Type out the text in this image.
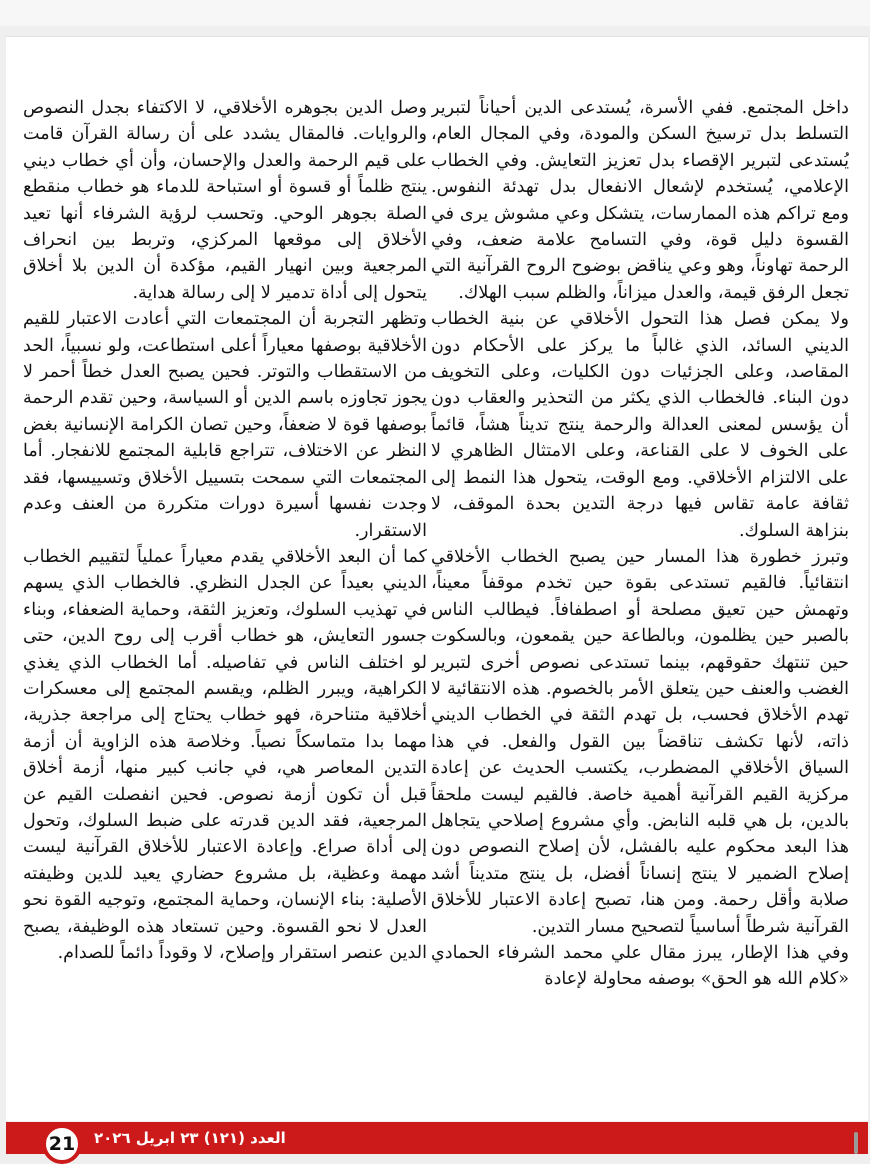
داخل المجتمع. ففي الأسرة، يُستدعى الدين أحياناً لتبرير التسلط بدل ترسيخ السكن والمودة، وفي المجال العام، يُستدعى لتبرير الإقصاء بدل تعزيز التعايش. وفي الخطاب الإعلامي، يُستخدم لإشعال الانفعال بدل تهدئة النفوس. ومع تراكم هذه الممارسات، يتشكل وعي مشوش يرى في القسوة دليل قوة، وفي التسامح علامة ضعف، وفي الرحمة تهاوناً، وهو وعي يناقض بوضوح الروح القرآنية التي تجعل الرفق قيمة، والعدل ميزاناً، والظلم سبب الهلاك.

ولا يمكن فصل هذا التحول الأخلاقي عن بنية الخطاب الديني السائد، الذي غالباً ما يركز على الأحكام دون المقاصد، وعلى الجزئيات دون الكليات، وعلى التخويف دون البناء. فالخطاب الذي يكثر من التحذير والعقاب دون أن يؤسس لمعنى العدالة والرحمة ينتج تديناً هشاً، قائماً على الخوف لا على القناعة، وعلى الامتثال الظاهري لا على الالتزام الأخلاقي. ومع الوقت، يتحول هذا النمط إلى ثقافة عامة تقاس فيها درجة التدين بحدة الموقف، لا بنزاهة السلوك.

وتبرز خطورة هذا المسار حين يصبح الخطاب الأخلاقي انتقائياً. فالقيم تستدعى بقوة حين تخدم موقفاً معيناً، وتهمش حين تعيق مصلحة أو اصطفافاً. فيطالب الناس بالصبر حين يظلمون، وبالطاعة حين يقمعون، وبالسكوت حين تنتهك حقوقهم، بينما تستدعى نصوص أخرى لتبرير الغضب والعنف حين يتعلق الأمر بالخصوم. هذه الانتقائية لا تهدم الأخلاق فحسب، بل تهدم الثقة في الخطاب الديني ذاته، لأنها تكشف تناقضاً بين القول والفعل. في هذا السياق الأخلاقي المضطرب، يكتسب الحديث عن إعادة مركزية القيم القرآنية أهمية خاصة. فالقيم ليست ملحقاً بالدين، بل هي قلبه النابض. وأي مشروع إصلاحي يتجاهل هذا البعد محكوم عليه بالفشل، لأن إصلاح النصوص دون إصلاح الضمير لا ينتج إنساناً أفضل، بل ينتج متديناً أشد صلابة وأقل رحمة. ومن هنا، تصبح إعادة الاعتبار للأخلاق القرآنية شرطاً أساسياً لتصحيح مسار التدين.

وفي هذا الإطار، يبرز مقال علي محمد الشرفاء الحمادي «كلام الله هو الحق» بوصفه محاولة لإعادة

وصل الدين بجوهره الأخلاقي، لا الاكتفاء بجدل النصوص والروايات. فالمقال يشدد على أن رسالة القرآن قامت على قيم الرحمة والعدل والإحسان، وأن أي خطاب ديني ينتج ظلماً أو قسوة أو استباحة للدماء هو خطاب منقطع الصلة بجوهر الوحي. وتحسب لرؤية الشرفاء أنها تعيد الأخلاق إلى موقعها المركزي، وتربط بين انحراف المرجعية وبين انهيار القيم، مؤكدة أن الدين بلا أخلاق يتحول إلى أداة تدمير لا إلى رسالة هداية.

وتظهر التجربة أن المجتمعات التي أعادت الاعتبار للقيم الأخلاقية بوصفها معياراً أعلى استطاعت، ولو نسبياً، الحد من الاستقطاب والتوتر. فحين يصبح العدل خطاً أحمر لا يجوز تجاوزه باسم الدين أو السياسة، وحين تقدم الرحمة بوصفها قوة لا ضعفاً، وحين تصان الكرامة الإنسانية بغض النظر عن الاختلاف، تتراجع قابلية المجتمع للانفجار. أما المجتمعات التي سمحت بتسييل الأخلاق وتسييسها، فقد وجدت نفسها أسيرة دورات متكررة من العنف وعدم الاستقرار.

كما أن البعد الأخلاقي يقدم معياراً عملياً لتقييم الخطاب الديني بعيداً عن الجدل النظري. فالخطاب الذي يسهم في تهذيب السلوك، وتعزيز الثقة، وحماية الضعفاء، وبناء جسور التعايش، هو خطاب أقرب إلى روح الدين، حتى لو اختلف الناس في تفاصيله. أما الخطاب الذي يغذي الكراهية، ويبرر الظلم، ويقسم المجتمع إلى معسكرات أخلاقية متناحرة، فهو خطاب يحتاج إلى مراجعة جذرية، مهما بدا متماسكاً نصياً. وخلاصة هذه الزاوية أن أزمة التدين المعاصر هي، في جانب كبير منها، أزمة أخلاق قبل أن تكون أزمة نصوص. فحين انفصلت القيم عن المرجعية، فقد الدين قدرته على ضبط السلوك، وتحول إلى أداة صراع. وإعادة الاعتبار للأخلاق القرآنية ليست مهمة وعظية، بل مشروع حضاري يعيد للدين وظيفته الأصلية: بناء الإنسان، وحماية المجتمع، وتوجيه القوة نحو العدل لا نحو القسوة. وحين تستعاد هذه الوظيفة، يصبح الدين عنصر استقرار وإصلاح، لا وقوداً دائماً للصدام.

21	العدد (١٢١) ٢٣ ابريل ٢٠٢٦
